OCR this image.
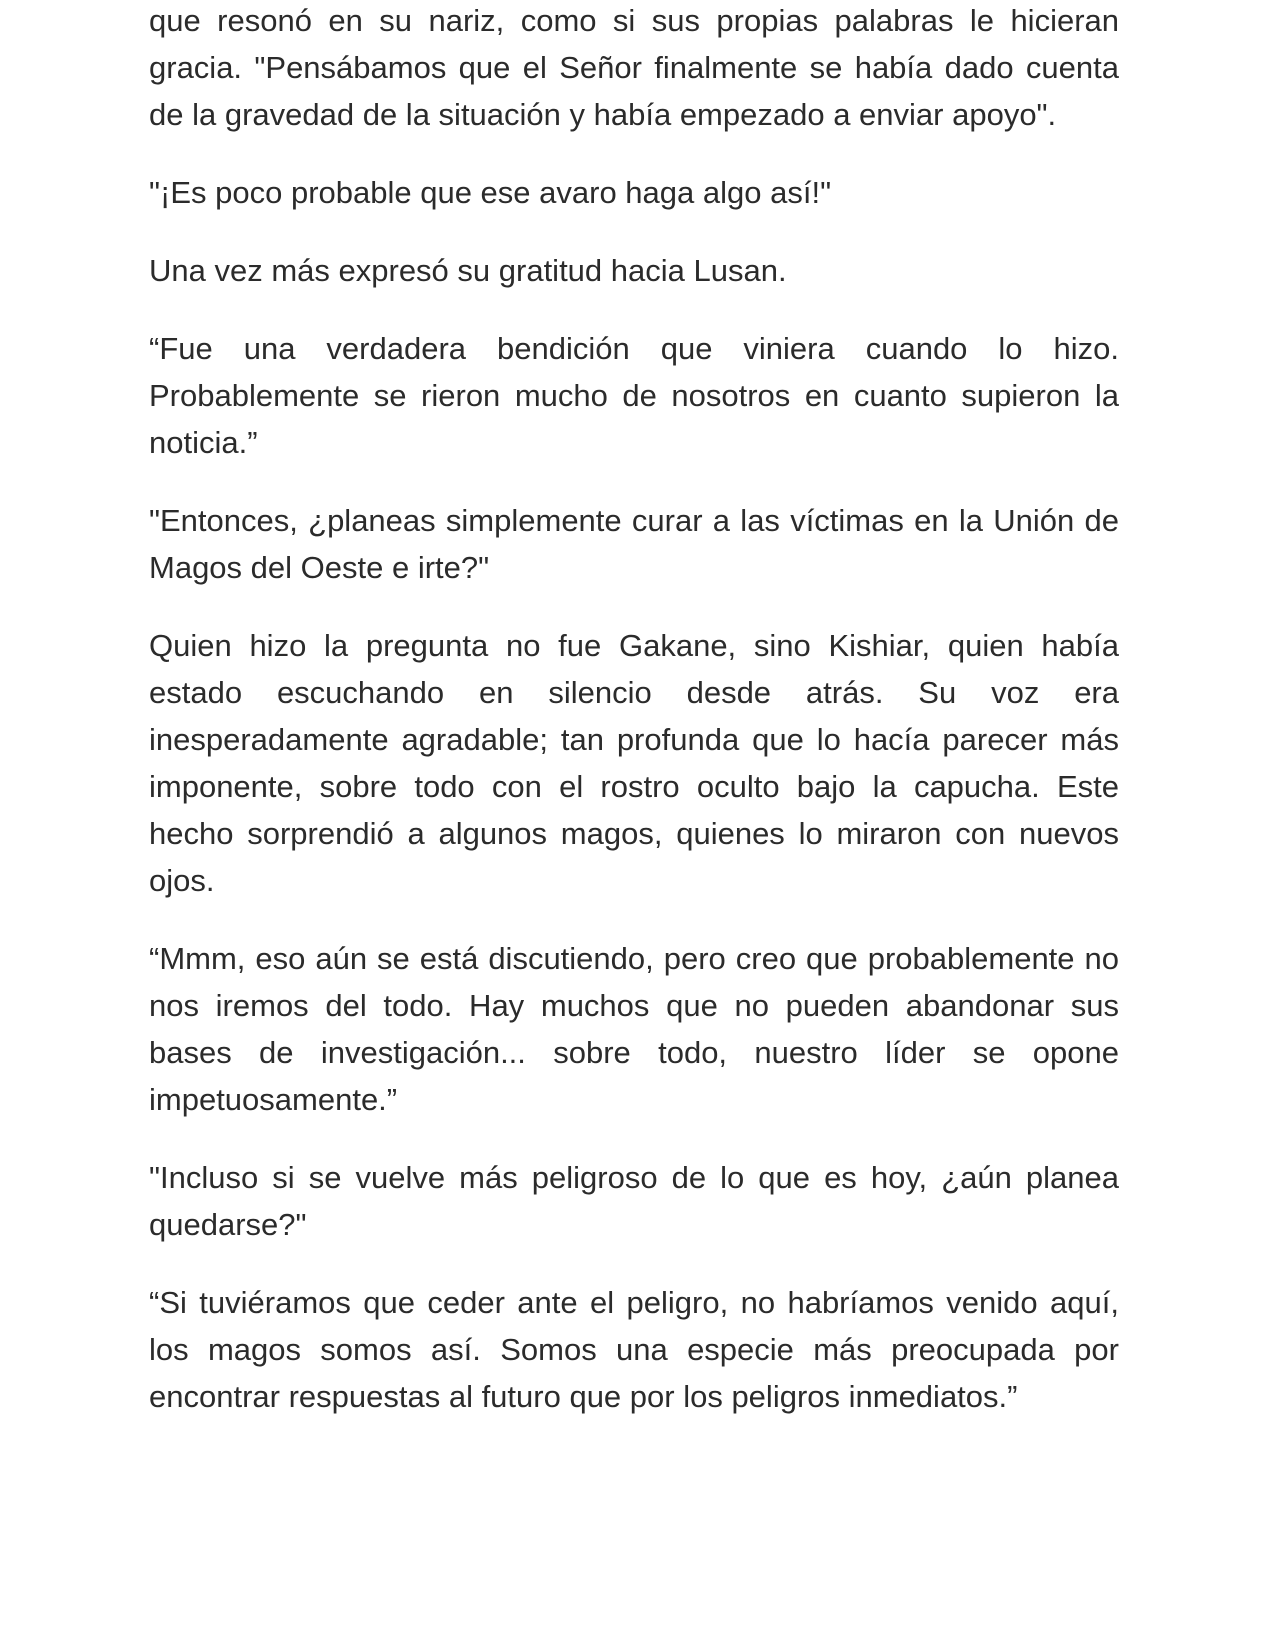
que resonó en su nariz, como si sus propias palabras le hicieran gracia. "Pensábamos que el Señor finalmente se había dado cuenta de la gravedad de la situación y había empezado a enviar apoyo".

"¡Es poco probable que ese avaro haga algo así!"

Una vez más expresó su gratitud hacia Lusan.

“Fue una verdadera bendición que viniera cuando lo hizo. Probablemente se rieron mucho de nosotros en cuanto supieron la noticia.”

"Entonces, ¿planeas simplemente curar a las víctimas en la Unión de Magos del Oeste e irte?"

Quien hizo la pregunta no fue Gakane, sino Kishiar, quien había estado escuchando en silencio desde atrás. Su voz era inesperadamente agradable; tan profunda que lo hacía parecer más imponente, sobre todo con el rostro oculto bajo la capucha. Este hecho sorprendió a algunos magos, quienes lo miraron con nuevos ojos.

“Mmm, eso aún se está discutiendo, pero creo que probablemente no nos iremos del todo. Hay muchos que no pueden abandonar sus bases de investigación... sobre todo, nuestro líder se opone impetuosamente.”

"Incluso si se vuelve más peligroso de lo que es hoy, ¿aún planea quedarse?"

“Si tuviéramos que ceder ante el peligro, no habríamos venido aquí, los magos somos así. Somos una especie más preocupada por encontrar respuestas al futuro que por los peligros inmediatos.”
